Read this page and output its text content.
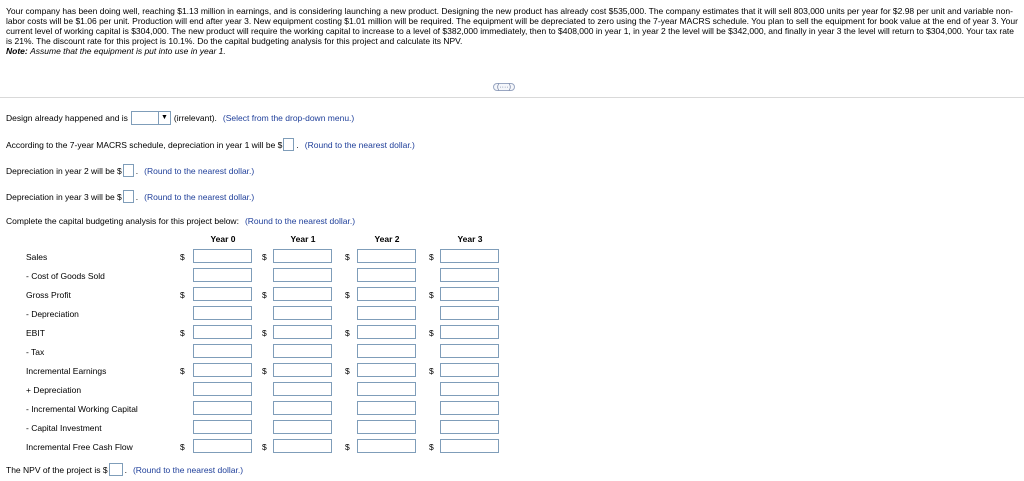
Your company has been doing well, reaching $1.13 million in earnings, and is considering launching a new product. Designing the new product has already cost $535,000. The company estimates that it will sell 803,000 units per year for $2.98 per unit and variable non-labor costs will be $1.06 per unit. Production will end after year 3. New equipment costing $1.01 million will be required. The equipment will be depreciated to zero using the 7-year MACRS schedule. You plan to sell the equipment for book value at the end of year 3. Your current level of working capital is $304,000. The new product will require the working capital to increase to a level of $382,000 immediately, then to $408,000 in year 1, in year 2 the level will be $342,000, and finally in year 3 the level will return to $304,000. Your tax rate is 21%. The discount rate for this project is 10.1%. Do the capital budgeting analysis for this project and calculate its NPV.

Note: Assume that the equipment is put into use in year 1.

(····)
Design already happened and is	▼ (irrelevant). (Select from the drop-down menu.)
According to the 7-year MACRS schedule, depreciation in year 1 will be $ . (Round to the nearest dollar.)
Depreciation in year 2 will be $ . (Round to the nearest dollar.)
Depreciation in year 3 will be $ . (Round to the nearest dollar.)
Complete the capital budgeting analysis for this project below: (Round to the nearest dollar.)
Year 0	Year 1	Year 2	Year 3
Sales	$	$	$	$
- Cost of Goods Sold
Gross Profit	$	$	$	$
- Depreciation
EBIT	$	$	$	$
- Tax
Incremental Earnings	$	$	$	$
+ Depreciation
- Incremental Working Capital
- Capital Investment
Incremental Free Cash Flow	$	$	$	$
The NPV of the project is $ . (Round to the nearest dollar.)
